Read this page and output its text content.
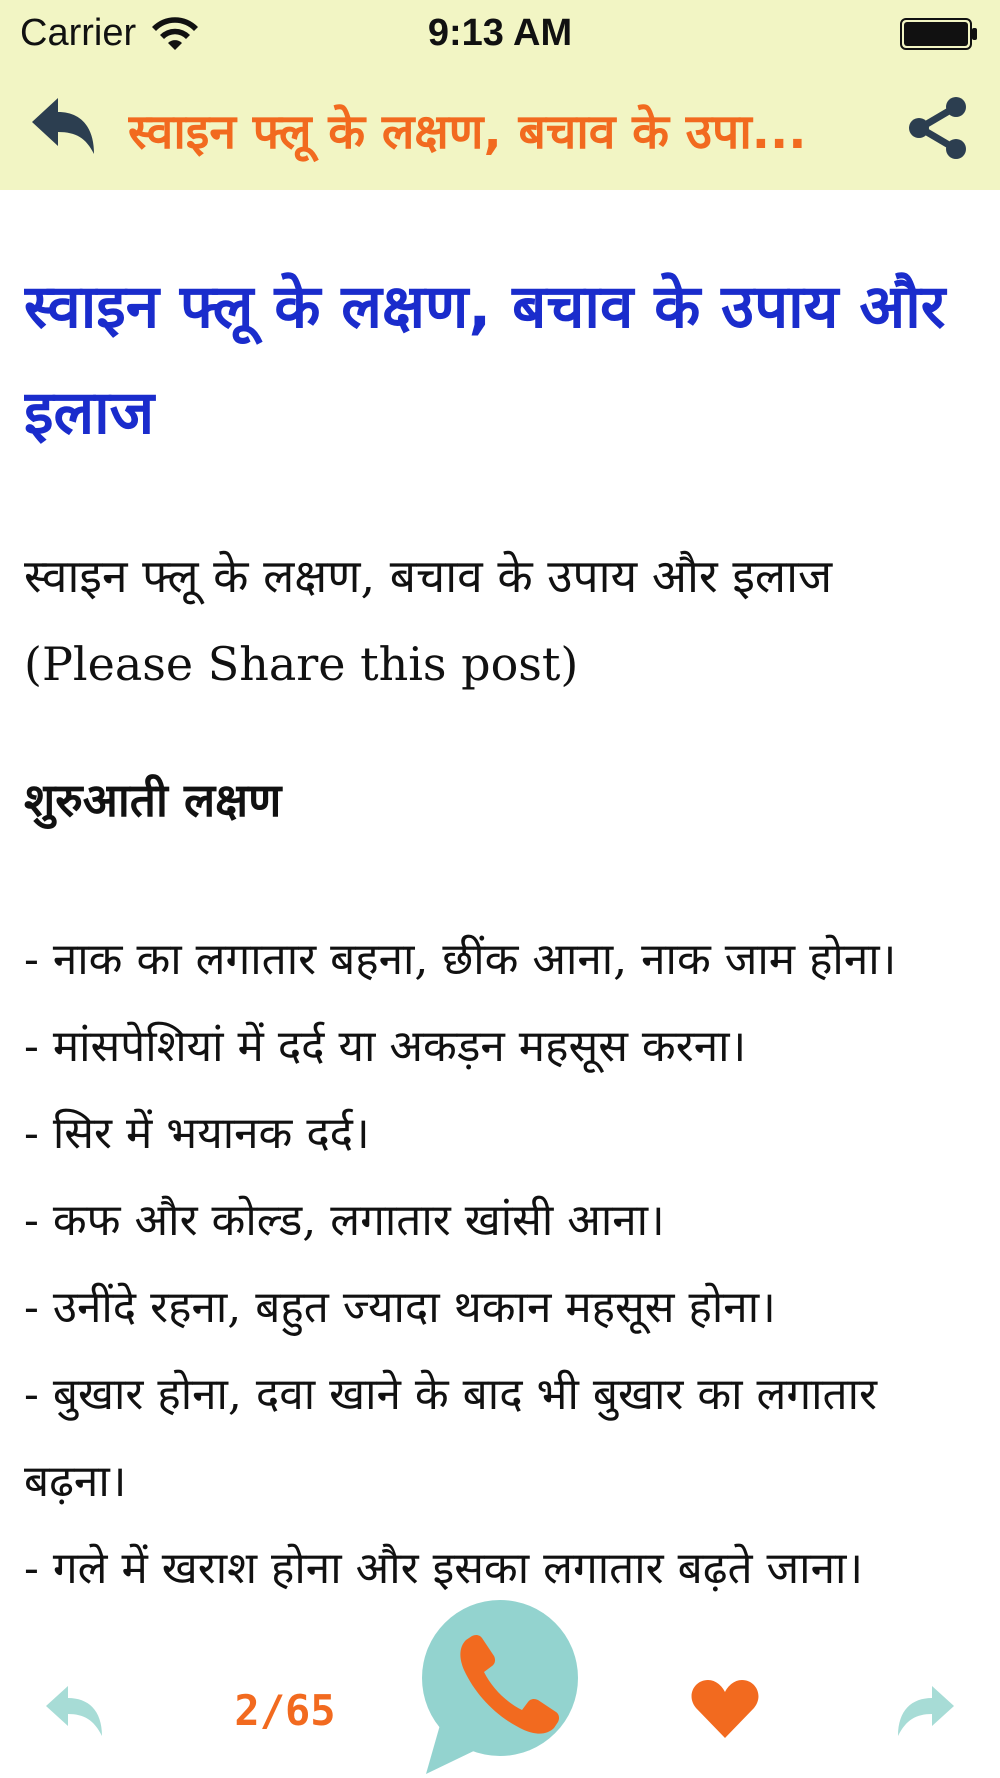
Carrier	9:13 AM
स्वाइन फ्लू के लक्षण, बचाव के उपा...
स्वाइन फ्लू के लक्षण, बचाव के उपाय और इलाज

स्वाइन फ्लू के लक्षण, बचाव के उपाय और इलाज (Please Share this post)

शुरुआती लक्षण
- नाक का लगातार बहना, छींक आना, नाक जाम होना।
- मांसपेशियां में दर्द या अकड़न महसूस करना।
- सिर में भयानक दर्द।
- कफ और कोल्ड, लगातार खांसी आना।
- उनींदे रहना, बहुत ज्यादा थकान महसूस होना।
- बुखार होना, दवा खाने के बाद भी बुखार का लगातार बढ़ना।
- गले में खराश होना और इसका लगातार बढ़ते जाना।
2/65
